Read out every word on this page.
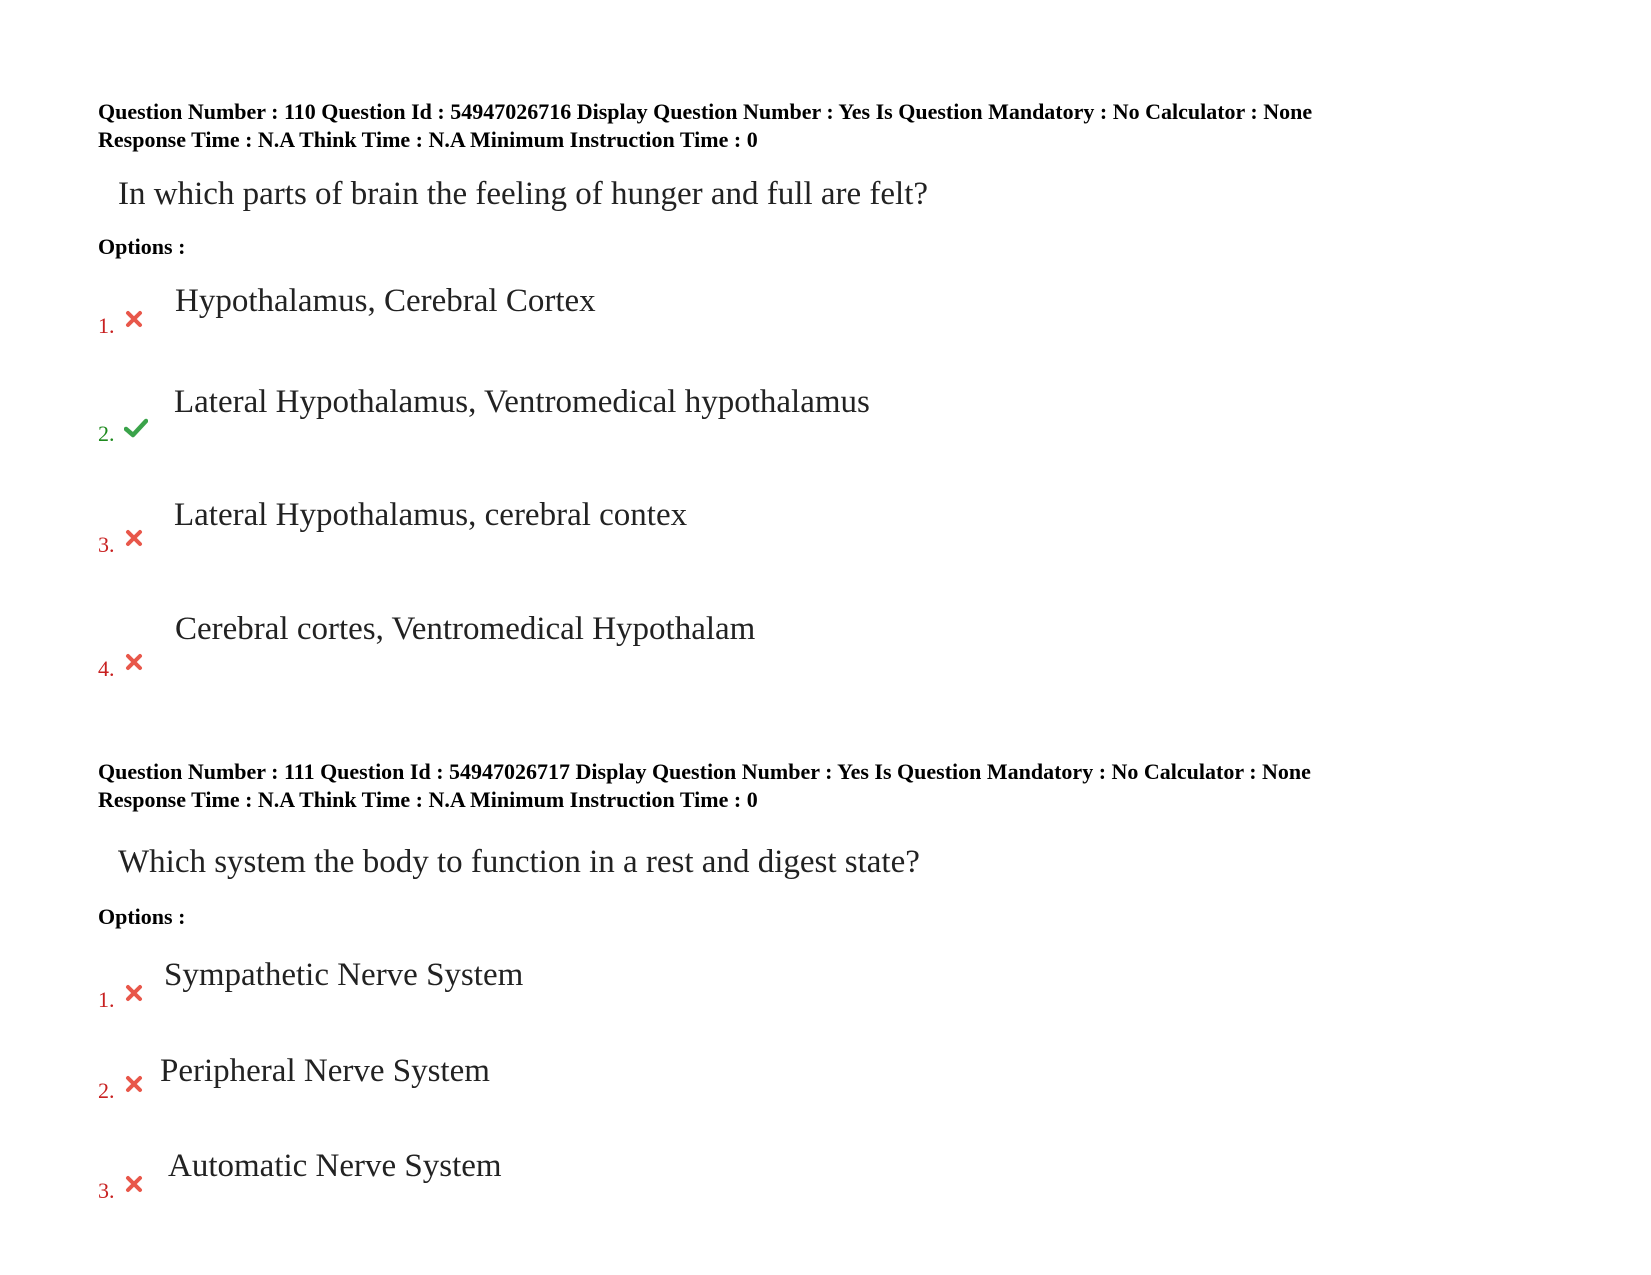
Question Number : 110 Question Id : 54947026716 Display Question Number : Yes Is Question Mandatory : No Calculator : None
Response Time : N.A Think Time : N.A Minimum Instruction Time : 0
In which parts of brain the feeling of hunger and full are felt?
Options :
1.
Hypothalamus, Cerebral Cortex
2.
Lateral Hypothalamus, Ventromedical hypothalamus
3.
Lateral Hypothalamus, cerebral contex
4.
Cerebral cortes, Ventromedical Hypothalam
Question Number : 111 Question Id : 54947026717 Display Question Number : Yes Is Question Mandatory : No Calculator : None
Response Time : N.A Think Time : N.A Minimum Instruction Time : 0
Which system the body to function in a rest and digest state?
Options :
1.
Sympathetic Nerve System
2.
Peripheral Nerve System
3.
Automatic Nerve System
